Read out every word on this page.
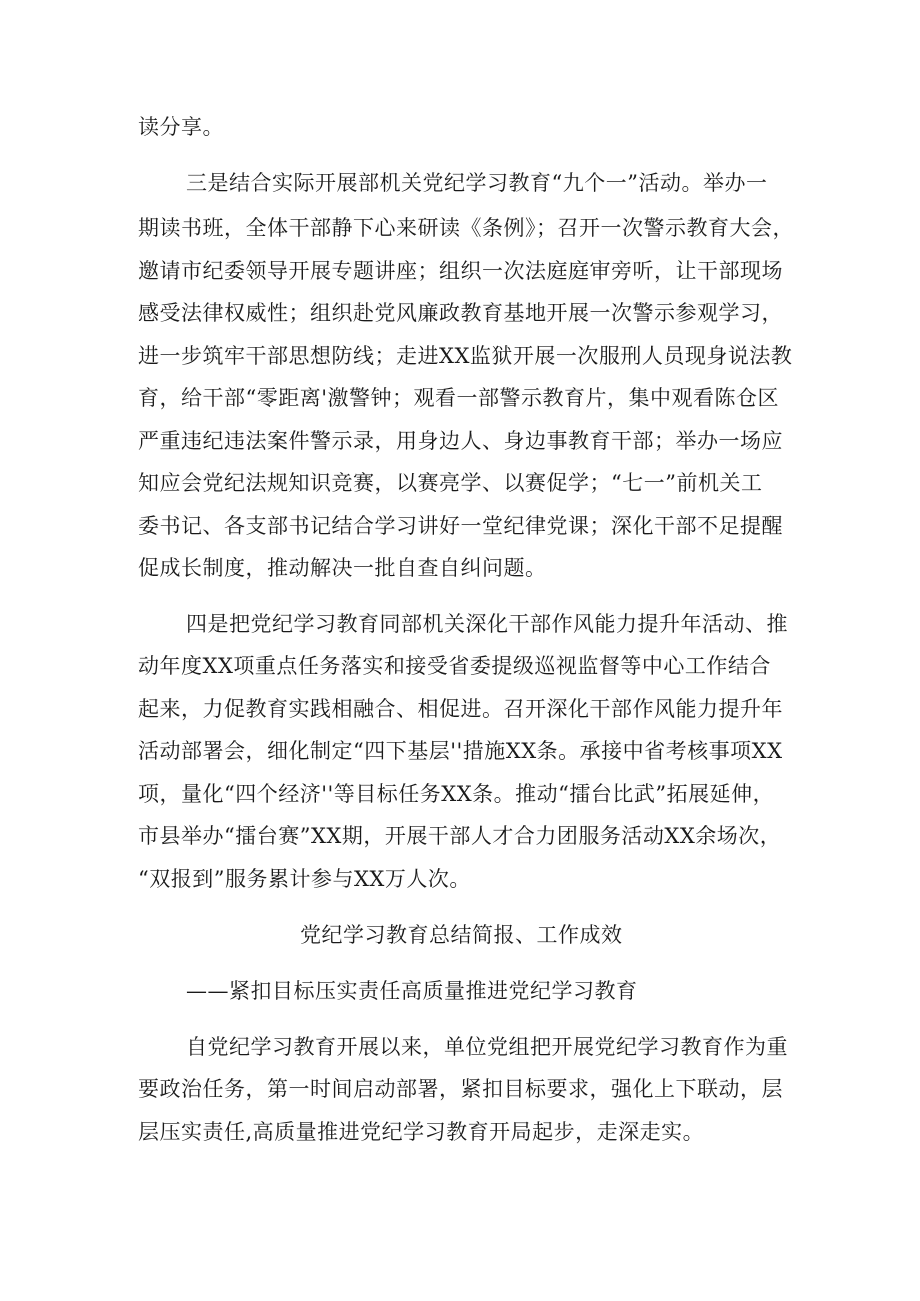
读分享。
三是结合实际开展部机关党纪学习教育“九个一”活动。举办一
期读书班，全体干部静下心来研读《条例》；召开一次警示教育大会，
邀请市纪委领导开展专题讲座；组织一次法庭庭审旁听，让干部现场
感受法律权威性；组织赴党风廉政教育基地开展一次警示参观学习，
进一步筑牢干部思想防线；走进XX监狱开展一次服刑人员现身说法教
育，给干部“零距离'激警钟；观看一部警示教育片，集中观看陈仓区
严重违纪违法案件警示录，用身边人、身边事教育干部；举办一场应
知应会党纪法规知识竞赛，以赛亮学、以赛促学；“七一”前机关工
委书记、各支部书记结合学习讲好一堂纪律党课；深化干部不足提醒
促成长制度，推动解决一批自查自纠问题。
四是把党纪学习教育同部机关深化干部作风能力提升年活动、推
动年度XX项重点任务落实和接受省委提级巡视监督等中心工作结合
起来，力促教育实践相融合、相促进。召开深化干部作风能力提升年
活动部署会，细化制定“四下基层''措施XX条。承接中省考核事项XX
项，量化“四个经济''等目标任务XX条。推动“擂台比武”拓展延伸，
市县举办“擂台赛”XX期，开展干部人才合力团服务活动XX余场次，
“双报到”服务累计参与XX万人次。
党纪学习教育总结简报、工作成效
——紧扣目标压实责任高质量推进党纪学习教育
自党纪学习教育开展以来，单位党组把开展党纪学习教育作为重
要政治任务，第一时间启动部署，紧扣目标要求，强化上下联动，层
层压实责任,高质量推进党纪学习教育开局起步，走深走实。
